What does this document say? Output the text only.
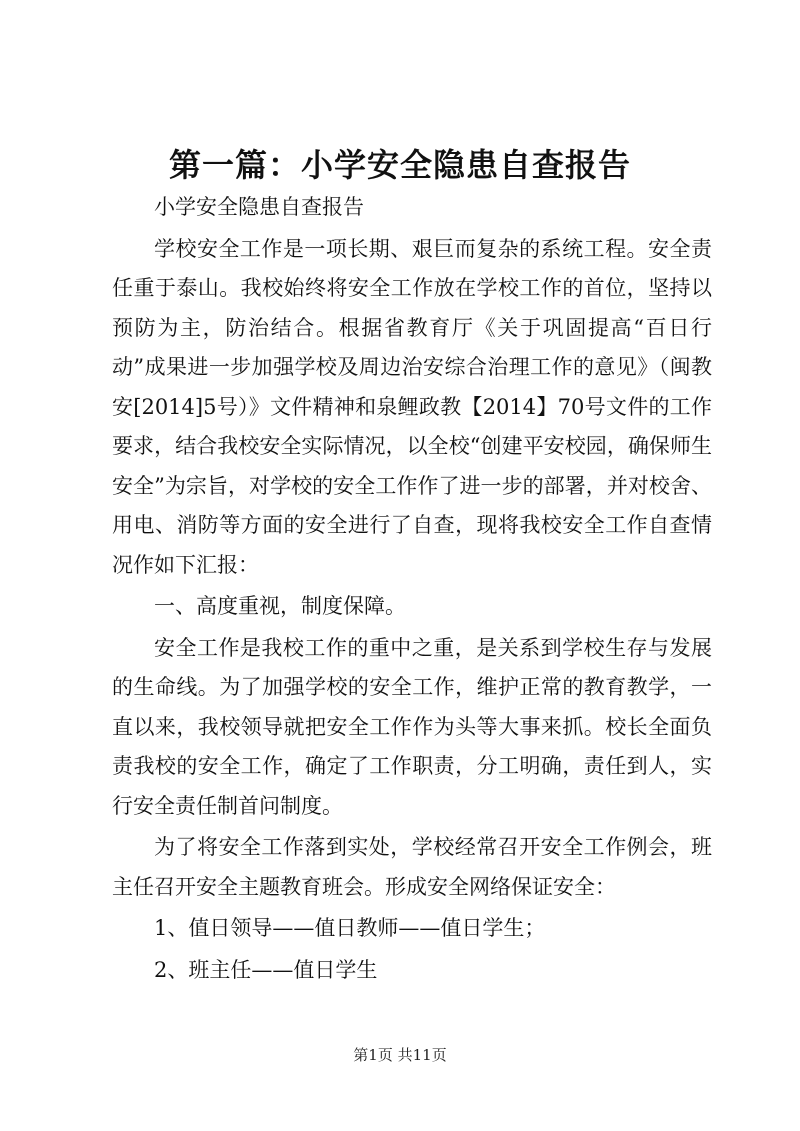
第一篇：小学安全隐患自查报告

小学安全隐患自查报告

学校安全工作是一项长期、艰巨而复杂的系统工程。安全责任重于泰山。我校始终将安全工作放在学校工作的首位，坚持以预防为主，防治结合。根据省教育厅《关于巩固提高“百日行动”成果进一步加强学校及周边治安综合治理工作的意见》（闽教安[2014]5号）》文件精神和泉鲤政教【2014】70号文件的工作要求，结合我校安全实际情况，以全校“创建平安校园，确保师生安全”为宗旨，对学校的安全工作作了进一步的部署，并对校舍、用电、消防等方面的安全进行了自查，现将我校安全工作自查情况作如下汇报：

一、高度重视，制度保障。

安全工作是我校工作的重中之重，是关系到学校生存与发展的生命线。为了加强学校的安全工作，维护正常的教育教学，一直以来，我校领导就把安全工作作为头等大事来抓。校长全面负责我校的安全工作，确定了工作职责，分工明确，责任到人，实行安全责任制首问制度。

为了将安全工作落到实处，学校经常召开安全工作例会，班主任召开安全主题教育班会。形成安全网络保证安全：

1、值日领导——值日教师——值日学生；

2、班主任——值日学生

第1页 共11页
